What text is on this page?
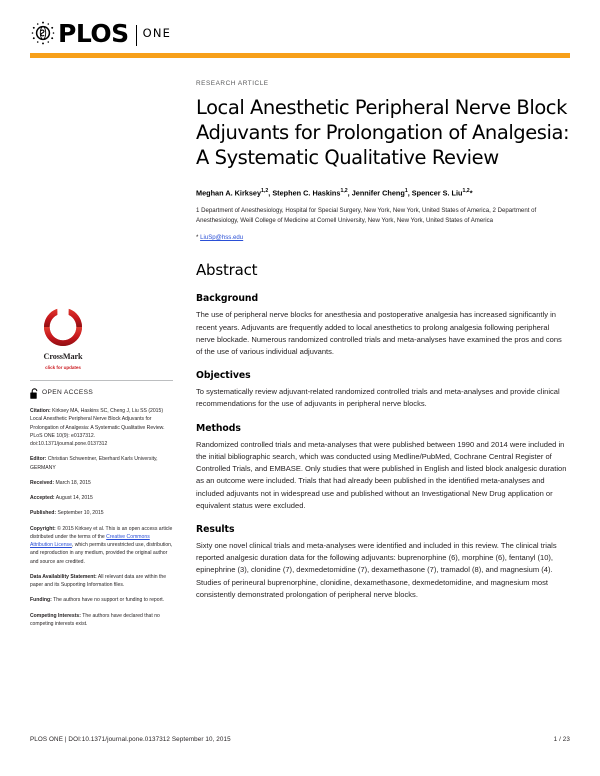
PLOS ONE
CrossMark
click for updates
OPEN ACCESS
Citation: Kirksey MA, Haskins SC, Cheng J, Liu SS (2015) Local Anesthetic Peripheral Nerve Block Adjuvants for Prolongation of Analgesia: A Systematic Qualitative Review. PLoS ONE 10(9): e0137312. doi:10.1371/journal.pone.0137312
Editor: Christian Schwentner, Eberhard Karls University, GERMANY
Received: March 18, 2015
Accepted: August 14, 2015
Published: September 10, 2015
Copyright: © 2015 Kirksey et al. This is an open access article distributed under the terms of the Creative Commons Attribution License, which permits unrestricted use, distribution, and reproduction in any medium, provided the original author and source are credited.
Data Availability Statement: All relevant data are within the paper and its Supporting Information files.
Funding: The authors have no support or funding to report.
Competing Interests: The authors have declared that no competing interests exist.
RESEARCH ARTICLE
Local Anesthetic Peripheral Nerve Block Adjuvants for Prolongation of Analgesia: A Systematic Qualitative Review
Meghan A. Kirksey$^{1,2}$, Stephen C. Haskins$^{1,2}$, Jennifer Cheng$^1$, Spencer S. Liu$^{1,2}$*
1 Department of Anesthesiology, Hospital for Special Surgery, New York, New York, United States of America, 2 Department of Anesthesiology, Weill College of Medicine at Cornell University, New York, New York, United States of America
* LiuSp@hss.edu
Abstract
Background

The use of peripheral nerve blocks for anesthesia and postoperative analgesia has increased significantly in recent years. Adjuvants are frequently added to local anesthetics to prolong analgesia following peripheral nerve blockade. Numerous randomized controlled trials and meta-analyses have examined the pros and cons of the use of various individual adjuvants.

Objectives

To systematically review adjuvant-related randomized controlled trials and meta-analyses and provide clinical recommendations for the use of adjuvants in peripheral nerve blocks.

Methods

Randomized controlled trials and meta-analyses that were published between 1990 and 2014 were included in the initial bibliographic search, which was conducted using Medline/PubMed, Cochrane Central Register of Controlled Trials, and EMBASE. Only studies that were published in English and listed block analgesic duration as an outcome were included. Trials that had already been published in the identified meta-analyses and included adjuvants not in widespread use and published without an Investigational New Drug application or equivalent status were excluded.

Results

Sixty one novel clinical trials and meta-analyses were identified and included in this review. The clinical trials reported analgesic duration data for the following adjuvants: buprenorphine (6), morphine (6), fentanyl (10), epinephrine (3), clonidine (7), dexmedetomidine (7), dexamethasone (7), tramadol (8), and magnesium (4). Studies of perineural buprenorphine, clonidine, dexamethasone, dexmedetomidine, and magnesium most consistently demonstrated prolongation of peripheral nerve blocks.

PLOS ONE | DOI:10.1371/journal.pone.0137312 September 10, 2015	1 / 23
